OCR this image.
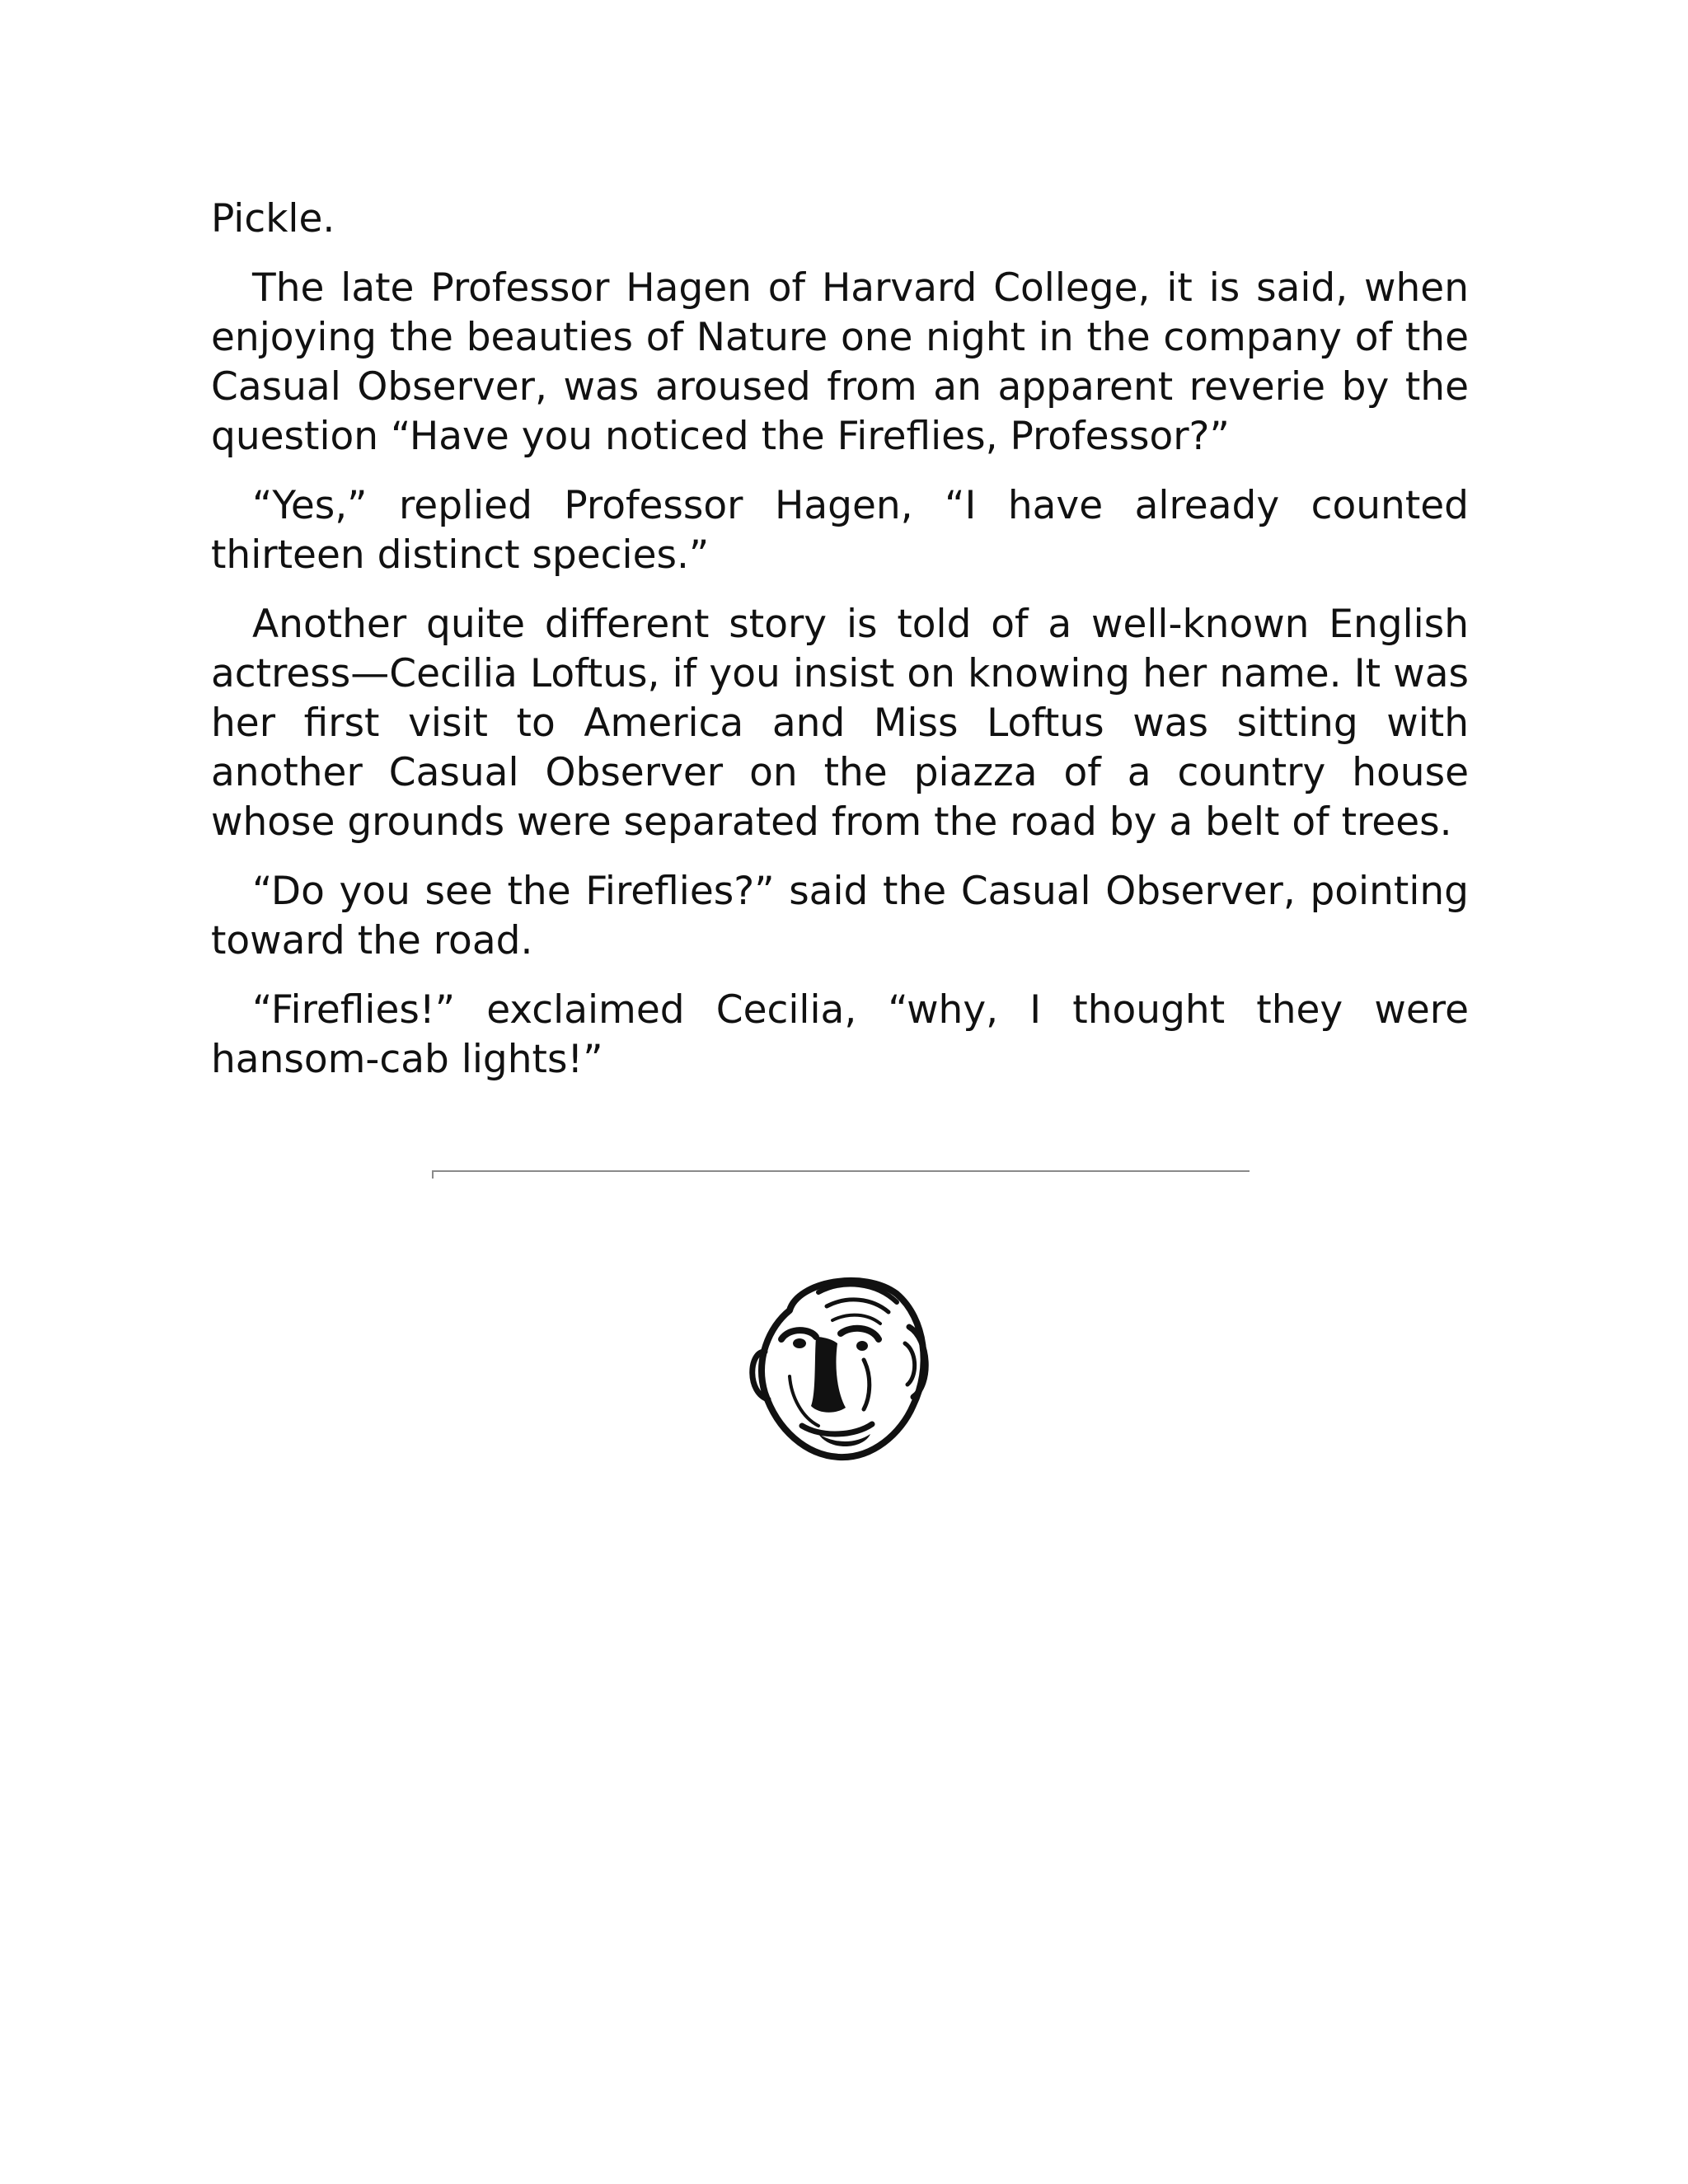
Pickle.

The late Professor Hagen of Harvard College, it is said, when enjoying the beauties of Nature one night in the company of the Casual Observer, was aroused from an apparent reverie by the question “Have you noticed the Fireflies, Professor?”

“Yes,” replied Professor Hagen, “I have already counted thirteen distinct species.”

Another quite different story is told of a well-known English actress—Cecilia Loftus, if you insist on knowing her name. It was her first visit to America and Miss Loftus was sitting with another Casual Observer on the piazza of a country house whose grounds were separated from the road by a belt of trees.

“Do you see the Fireflies?” said the Casual Observer, pointing toward the road.

“Fireflies!” exclaimed Cecilia, “why, I thought they were hansom-cab lights!”
